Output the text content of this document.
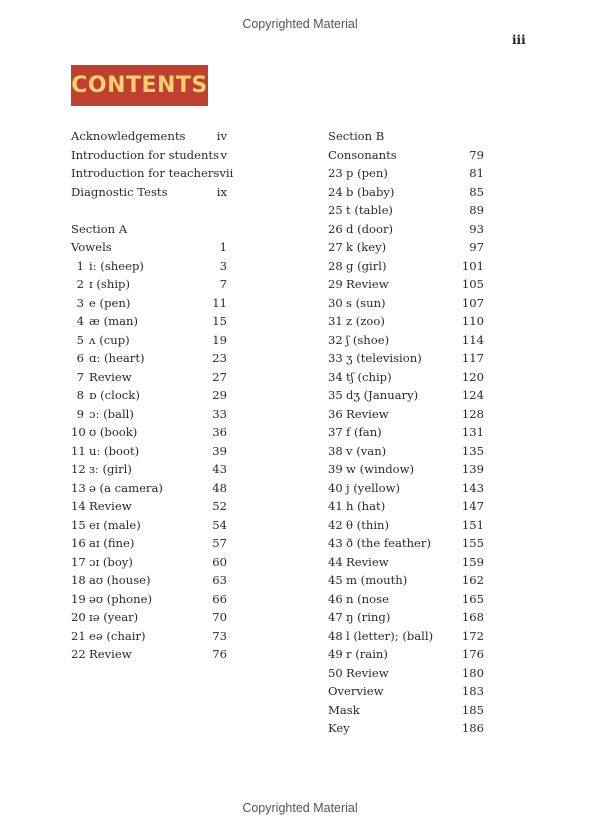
Copyrighted Material
iii
CONTENTS
Acknowledgements	iv
Introduction for students v
Introduction for teachers vii
Diagnostic Tests	ix
Section A
Vowels	1
1 iː (sheep)	3
2 ɪ (ship)	7
3 e (pen)	11
4 æ (man)	15
5 ʌ (cup)	19
6 ɑː (heart)	23
7 Review	27
8 ɒ (clock)	29
9 ɔː (ball)	33
10 ʊ (book)	36
11 uː (boot)	39
12 ɜː (girl)	43
13 ə (a camera)	48
14 Review	52
15 eɪ (male)	54
16 aɪ (fine)	57
17 ɔɪ (boy)	60
18 aʊ (house)	63
19 əʊ (phone)	66
20 ɪə (year)	70
21 eə (chair)	73
22 Review	76
Section B
Consonants	79
23 p (pen)	81
24 b (baby)	85
25 t (table)	89
26 d (door)	93
27 k (key)	97
28 ɡ (girl)	101
29 Review	105
30 s (sun)	107
31 z (zoo)	110
32 ʃ (shoe)	114
33 ʒ (television)	117
34 tʃ (chip)	120
35 dʒ (January)	124
36 Review	128
37 f (fan)	131
38 v (van)	135
39 w (window)	139
40 j (yellow)	143
41 h (hat)	147
42 θ (thin)	151
43 ð (the feather)	155
44 Review	159
45 m (mouth)	162
46 n (nose	165
47 ŋ (ring)	168
48 l (letter); (ball)	172
49 r (rain)	176
50 Review	180
Overview	183
Mask	185
Key	186
Copyrighted Material
